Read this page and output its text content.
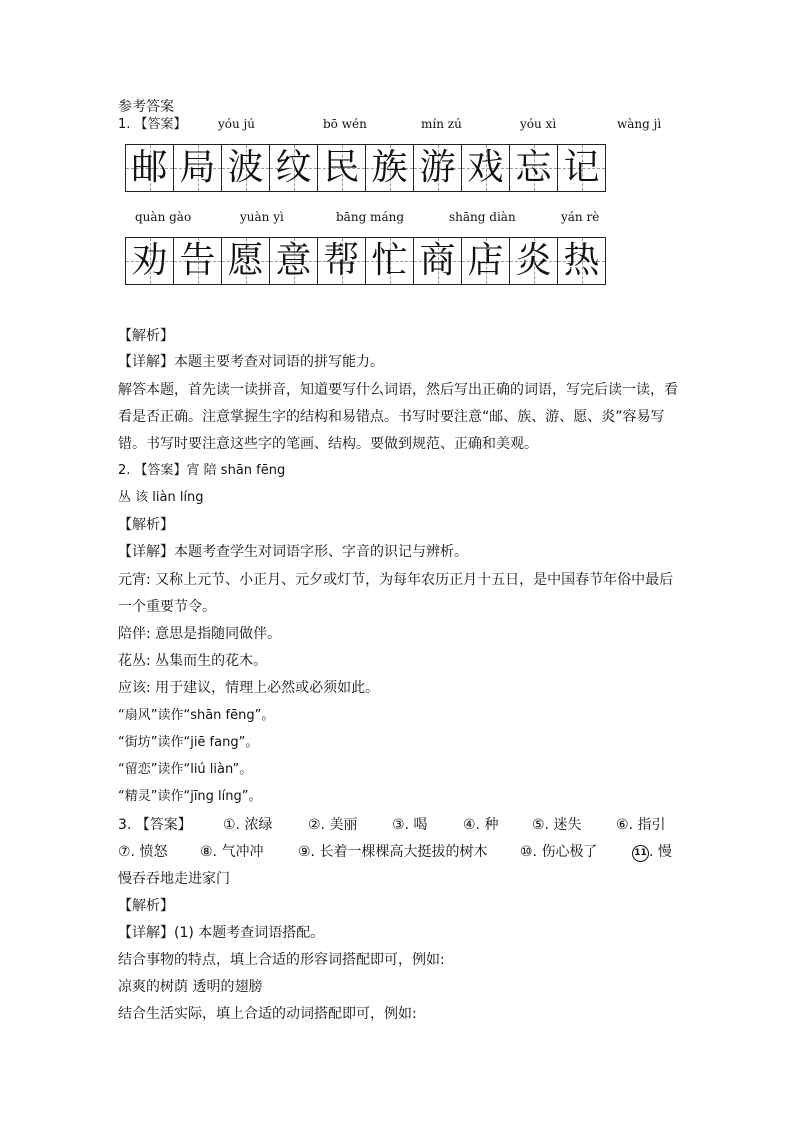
参考答案
1. 【答案】	yóu jú	bō wén	mín zú	yóu xì	wàng jì
邮 局 波 纹 民 族 游 戏 忘 记
quàn gào	yuàn yì	bāng máng	shāng diàn	yán rè
劝 告 愿 意 帮 忙 商 店 炎 热
【解析】
【详解】本题主要考查对词语的拼写能力。
解答本题，首先读一读拼音，知道要写什么词语，然后写出正确的词语，写完后读一读，看
看是否正确。注意掌握生字的结构和易错点。书写时要注意“邮、族、游、愿、炎”容易写
错。书写时要注意这些字的笔画、结构。要做到规范、正确和美观。
2. 【答案】宵 陪 shān fēng
丛 该 liàn líng
【解析】
【详解】本题考查学生对词语字形、字音的识记与辨析。
元宵: 又称上元节、小正月、元夕或灯节，为每年农历正月十五日，是中国春节年俗中最后
一个重要节令。
陪伴: 意思是指随同做伴。
花丛: 丛集而生的花木。
应该: 用于建议，情理上必然或必须如此。
“扇风”读作“shān fēng”。
“街坊”读作“jiē fang”。
“留恋”读作“liú liàn”。
“精灵”读作“jīng líng”。
3. 【答案】 ①. 浓绿	②. 美丽 ③. 喝	④. 种 ⑤. 迷失 ⑥. 指引
⑦. 愤怒 ⑧. 气冲冲 ⑨. 长着一棵棵高大挺拔的树木 ⑩. 伤心极了	11 . 慢
慢吞吞地走进家门
【解析】
【详解】(1) 本题考查词语搭配。
结合事物的特点，填上合适的形容词搭配即可，例如:
凉爽的树荫 透明的翅膀
结合生活实际，填上合适的动词搭配即可，例如:
